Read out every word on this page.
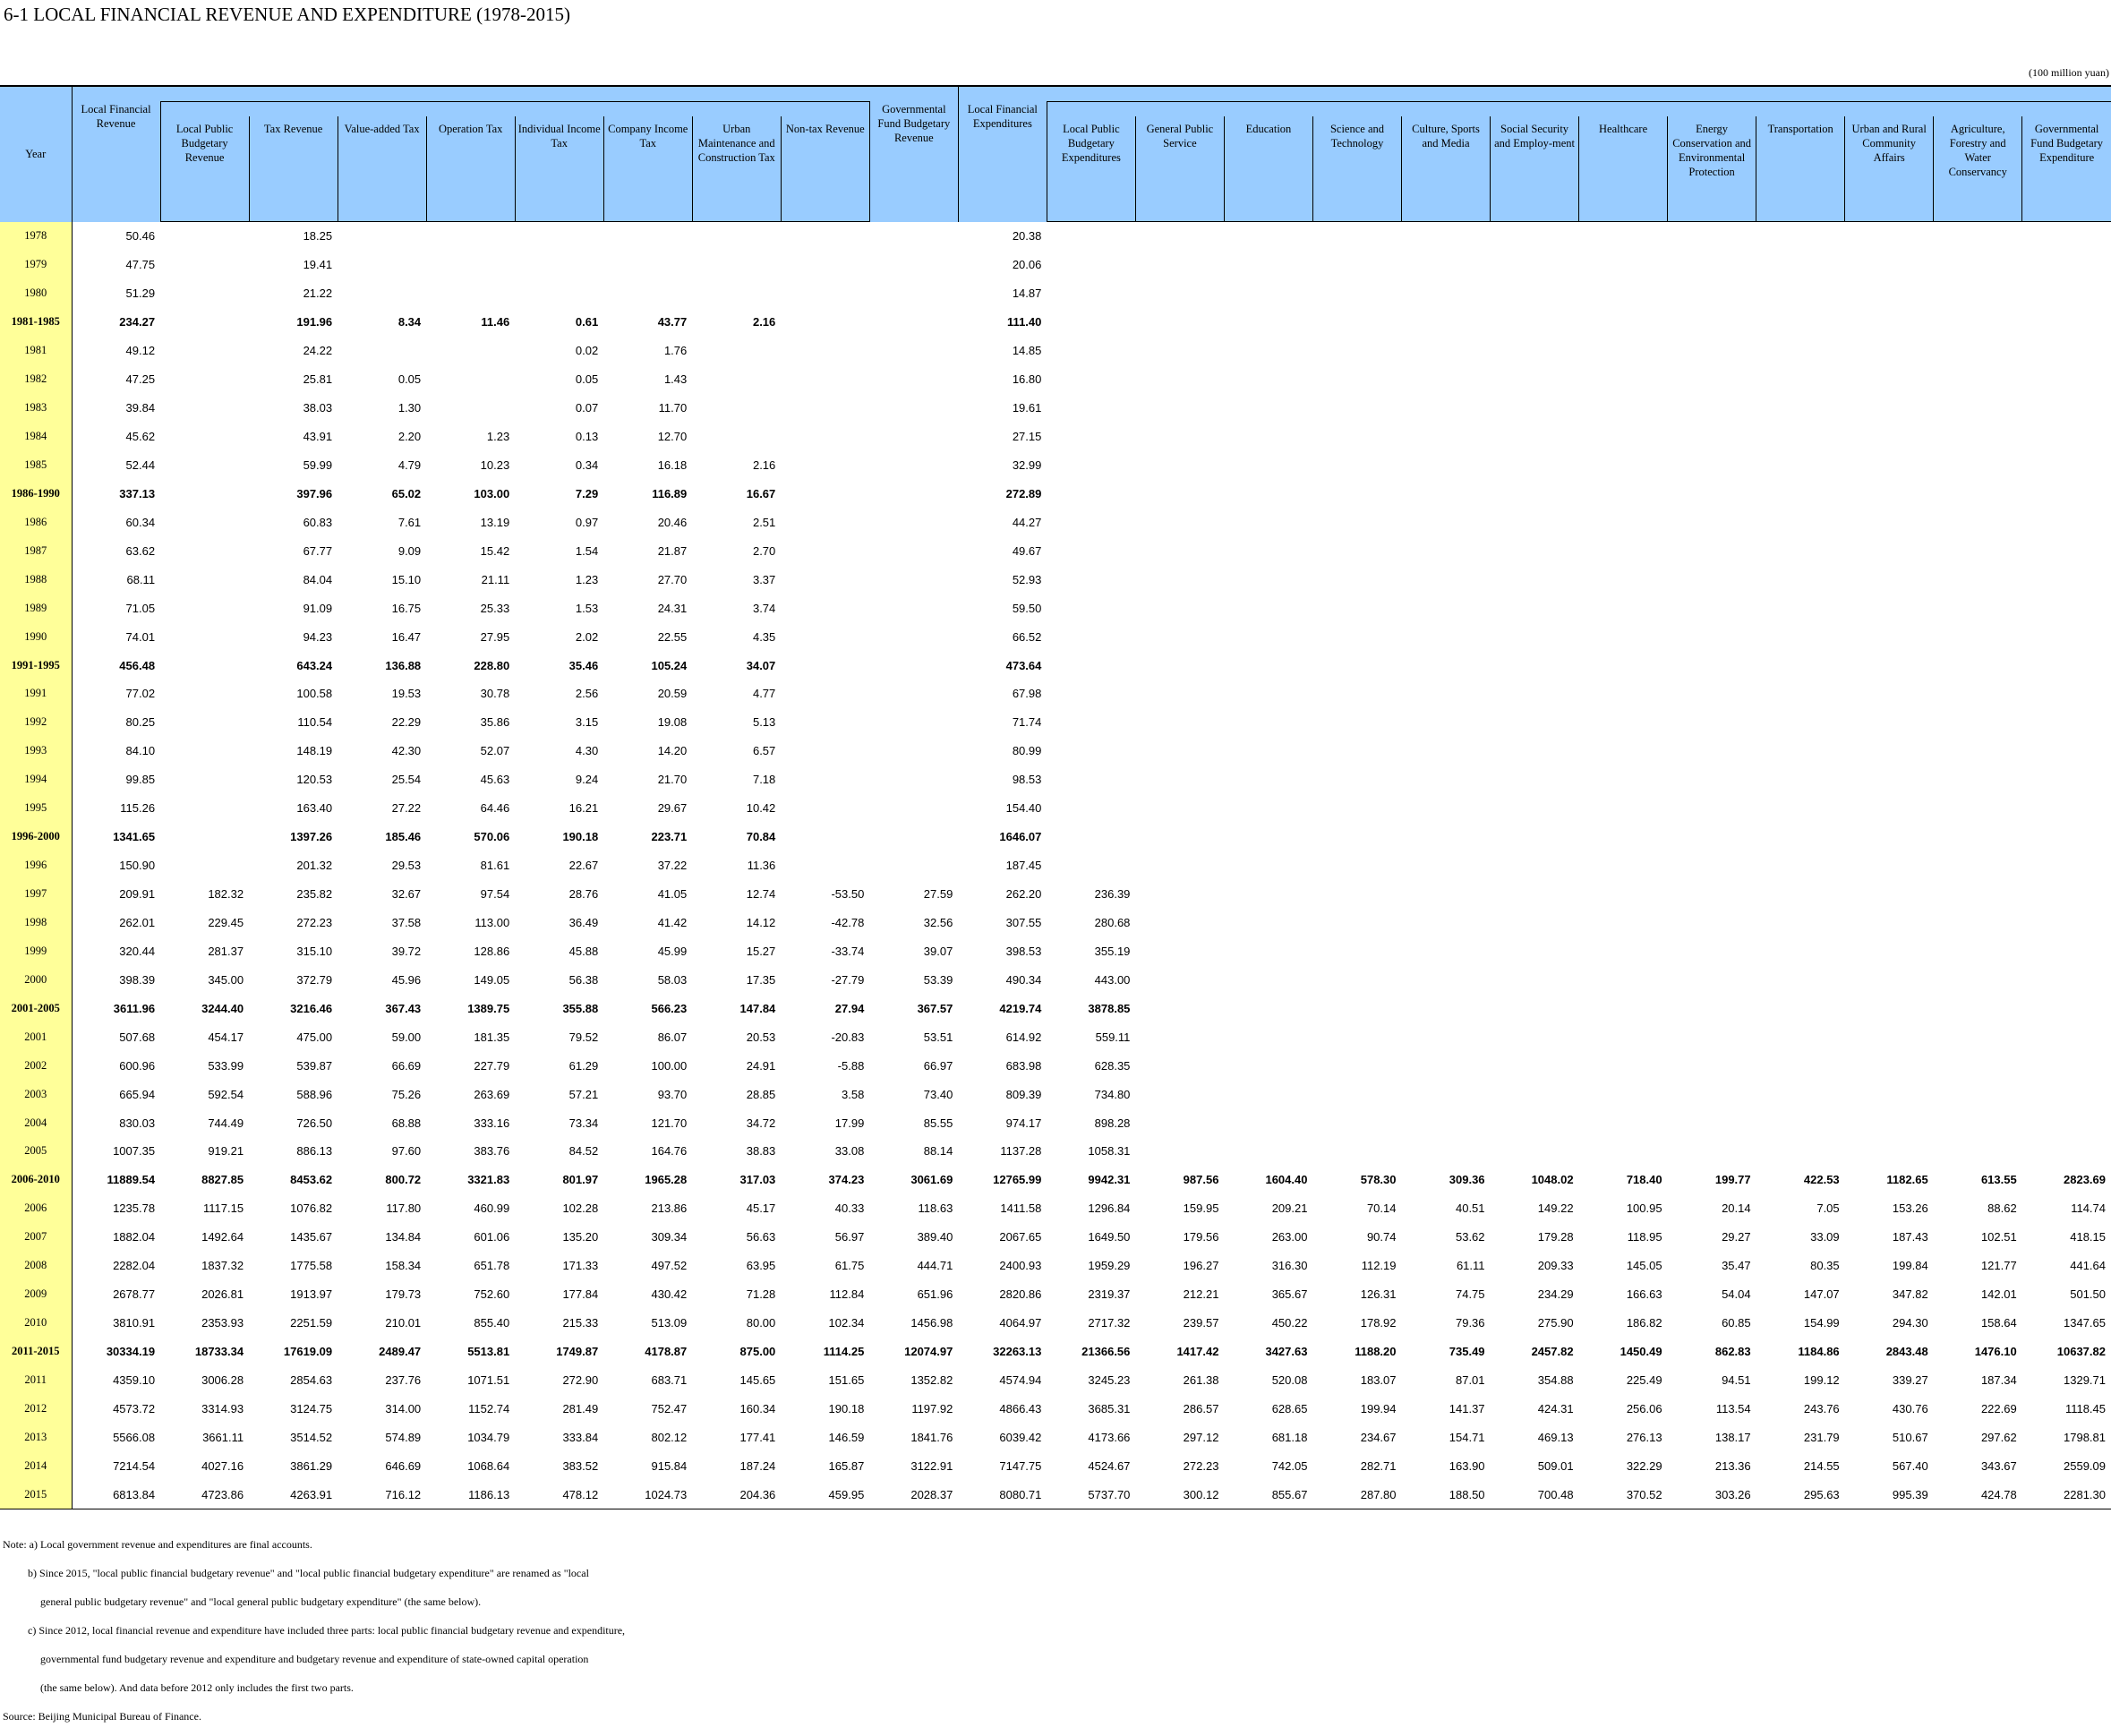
6-1 LOCAL FINANCIAL REVENUE AND EXPENDITURE (1978-2015)
(100 million yuan)
Year																							
	Local Financial Revenue									Governmental Fund Budgetary Revenue	Local Financial Expenditures												
		Local Public Budgetary Revenue	Tax Revenue	Value-added Tax	Operation Tax	Individual Income Tax	Company Income Tax	Urban Maintenance and Construction Tax	Non-tax Revenue			Local Public Budgetary Expenditures	General Public Service	Education	Science and Technology	Culture, Sports and Media	Social Security and Employ-ment	Healthcare	Energy Conservation and Environmental Protection	Transportation	Urban and Rural Community Affairs	Agriculture, Forestry and Water Conservancy	Governmental Fund Budgetary Expenditure
1978	50.46		18.25								20.38												
1979	47.75		19.41								20.06												
1980	51.29		21.22								14.87												
1981-1985	234.27		191.96	8.34	11.46	0.61	43.77	2.16			111.40												
1981	49.12		24.22			0.02	1.76				14.85												
1982	47.25		25.81	0.05		0.05	1.43				16.80												
1983	39.84		38.03	1.30		0.07	11.70				19.61												
1984	45.62		43.91	2.20	1.23	0.13	12.70				27.15												
1985	52.44		59.99	4.79	10.23	0.34	16.18	2.16			32.99												
1986-1990	337.13		397.96	65.02	103.00	7.29	116.89	16.67			272.89												
1986	60.34		60.83	7.61	13.19	0.97	20.46	2.51			44.27												
1987	63.62		67.77	9.09	15.42	1.54	21.87	2.70			49.67												
1988	68.11		84.04	15.10	21.11	1.23	27.70	3.37			52.93												
1989	71.05		91.09	16.75	25.33	1.53	24.31	3.74			59.50												
1990	74.01		94.23	16.47	27.95	2.02	22.55	4.35			66.52												
1991-1995	456.48		643.24	136.88	228.80	35.46	105.24	34.07			473.64												
1991	77.02		100.58	19.53	30.78	2.56	20.59	4.77			67.98												
1992	80.25		110.54	22.29	35.86	3.15	19.08	5.13			71.74												
1993	84.10		148.19	42.30	52.07	4.30	14.20	6.57			80.99												
1994	99.85		120.53	25.54	45.63	9.24	21.70	7.18			98.53												
1995	115.26		163.40	27.22	64.46	16.21	29.67	10.42			154.40												
1996-2000	1341.65		1397.26	185.46	570.06	190.18	223.71	70.84			1646.07												
1996	150.90		201.32	29.53	81.61	22.67	37.22	11.36			187.45												
1997	209.91	182.32	235.82	32.67	97.54	28.76	41.05	12.74	-53.50	27.59	262.20	236.39											
1998	262.01	229.45	272.23	37.58	113.00	36.49	41.42	14.12	-42.78	32.56	307.55	280.68											
1999	320.44	281.37	315.10	39.72	128.86	45.88	45.99	15.27	-33.74	39.07	398.53	355.19											
2000	398.39	345.00	372.79	45.96	149.05	56.38	58.03	17.35	-27.79	53.39	490.34	443.00											
2001-2005	3611.96	3244.40	3216.46	367.43	1389.75	355.88	566.23	147.84	27.94	367.57	4219.74	3878.85											
2001	507.68	454.17	475.00	59.00	181.35	79.52	86.07	20.53	-20.83	53.51	614.92	559.11											
2002	600.96	533.99	539.87	66.69	227.79	61.29	100.00	24.91	-5.88	66.97	683.98	628.35											
2003	665.94	592.54	588.96	75.26	263.69	57.21	93.70	28.85	3.58	73.40	809.39	734.80											
2004	830.03	744.49	726.50	68.88	333.16	73.34	121.70	34.72	17.99	85.55	974.17	898.28											
2005	1007.35	919.21	886.13	97.60	383.76	84.52	164.76	38.83	33.08	88.14	1137.28	1058.31											
2006-2010	11889.54	8827.85	8453.62	800.72	3321.83	801.97	1965.28	317.03	374.23	3061.69	12765.99	9942.31	987.56	1604.40	578.30	309.36	1048.02	718.40	199.77	422.53	1182.65	613.55	2823.69
2006	1235.78	1117.15	1076.82	117.80	460.99	102.28	213.86	45.17	40.33	118.63	1411.58	1296.84	159.95	209.21	70.14	40.51	149.22	100.95	20.14	7.05	153.26	88.62	114.74
2007	1882.04	1492.64	1435.67	134.84	601.06	135.20	309.34	56.63	56.97	389.40	2067.65	1649.50	179.56	263.00	90.74	53.62	179.28	118.95	29.27	33.09	187.43	102.51	418.15
2008	2282.04	1837.32	1775.58	158.34	651.78	171.33	497.52	63.95	61.75	444.71	2400.93	1959.29	196.27	316.30	112.19	61.11	209.33	145.05	35.47	80.35	199.84	121.77	441.64
2009	2678.77	2026.81	1913.97	179.73	752.60	177.84	430.42	71.28	112.84	651.96	2820.86	2319.37	212.21	365.67	126.31	74.75	234.29	166.63	54.04	147.07	347.82	142.01	501.50
2010	3810.91	2353.93	2251.59	210.01	855.40	215.33	513.09	80.00	102.34	1456.98	4064.97	2717.32	239.57	450.22	178.92	79.36	275.90	186.82	60.85	154.99	294.30	158.64	1347.65
2011-2015	30334.19	18733.34	17619.09	2489.47	5513.81	1749.87	4178.87	875.00	1114.25	12074.97	32263.13	21366.56	1417.42	3427.63	1188.20	735.49	2457.82	1450.49	862.83	1184.86	2843.48	1476.10	10637.82
2011	4359.10	3006.28	2854.63	237.76	1071.51	272.90	683.71	145.65	151.65	1352.82	4574.94	3245.23	261.38	520.08	183.07	87.01	354.88	225.49	94.51	199.12	339.27	187.34	1329.71
2012	4573.72	3314.93	3124.75	314.00	1152.74	281.49	752.47	160.34	190.18	1197.92	4866.43	3685.31	286.57	628.65	199.94	141.37	424.31	256.06	113.54	243.76	430.76	222.69	1118.45
2013	5566.08	3661.11	3514.52	574.89	1034.79	333.84	802.12	177.41	146.59	1841.76	6039.42	4173.66	297.12	681.18	234.67	154.71	469.13	276.13	138.17	231.79	510.67	297.62	1798.81
2014	7214.54	4027.16	3861.29	646.69	1068.64	383.52	915.84	187.24	165.87	3122.91	7147.75	4524.67	272.23	742.05	282.71	163.90	509.01	322.29	213.36	214.55	567.40	343.67	2559.09
2015	6813.84	4723.86	4263.91	716.12	1186.13	478.12	1024.73	204.36	459.95	2028.37	8080.71	5737.70	300.12	855.67	287.80	188.50	700.48	370.52	303.26	295.63	995.39	424.78	2281.30
Note: a) Local government revenue and expenditures are final accounts.
b) Since 2015, "local public financial budgetary revenue" and "local public financial budgetary expenditure" are renamed as "local
general public budgetary revenue" and "local general public budgetary expenditure" (the same below).
c) Since 2012, local financial revenue and expenditure have included three parts: local public financial budgetary revenue and expenditure,
governmental fund budgetary revenue and expenditure and budgetary revenue and expenditure of state-owned capital operation
(the same below). And data before 2012 only includes the first two parts.
Source: Beijing Municipal Bureau of Finance.
